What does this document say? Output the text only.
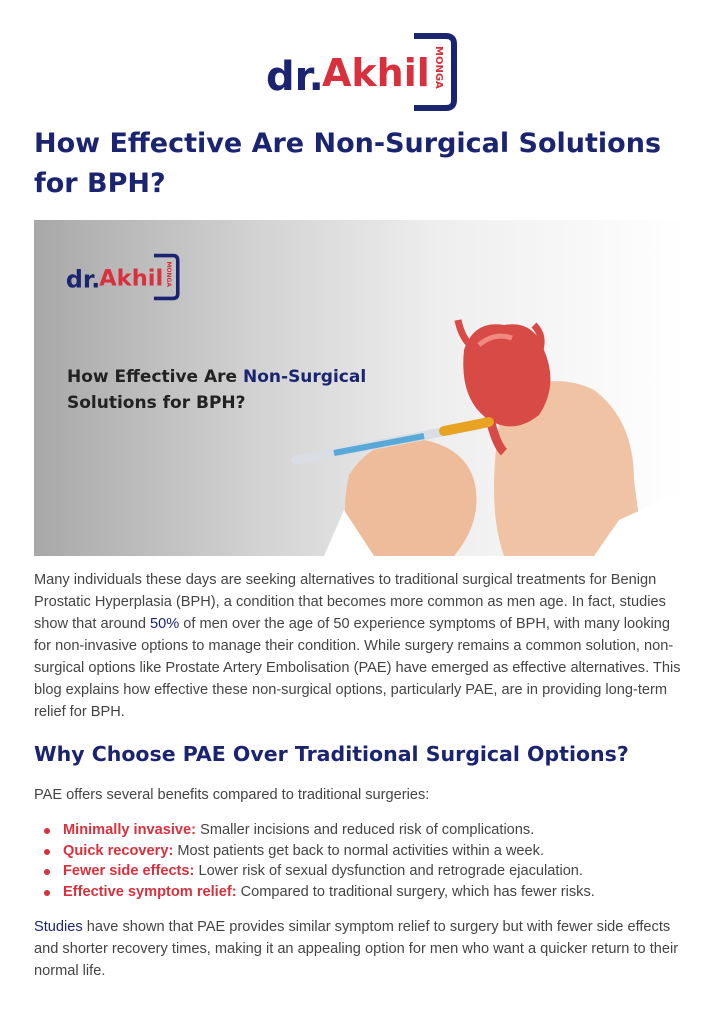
dr.
Akhil MONGA
How Effective Are Non-Surgical Solutions for BPH?
dr.
Akhil MONGA
How Effective Are Non-Surgical
Solutions for BPH?

Many individuals these days are seeking alternatives to traditional surgical treatments for Benign Prostatic Hyperplasia (BPH), a condition that becomes more common as men age. In fact, studies show that around 50% of men over the age of 50 experience symptoms of BPH, with many looking for non-invasive options to manage their condition. While surgery remains a common solution, non-surgical options like Prostate Artery Embolisation (PAE) have emerged as effective alternatives. This blog explains how effective these non-surgical options, particularly PAE, are in providing long-term relief for BPH.

Why Choose PAE Over Traditional Surgical Options?

PAE offers several benefits compared to traditional surgeries:

Minimally invasive: Smaller incisions and reduced risk of complications.
Quick recovery: Most patients get back to normal activities within a week.
Fewer side effects: Lower risk of sexual dysfunction and retrograde ejaculation.
Effective symptom relief: Compared to traditional surgery, which has fewer risks.

Studies have shown that PAE provides similar symptom relief to surgery but with fewer side effects and shorter recovery times, making it an appealing option for men who want a quicker return to their normal life.
